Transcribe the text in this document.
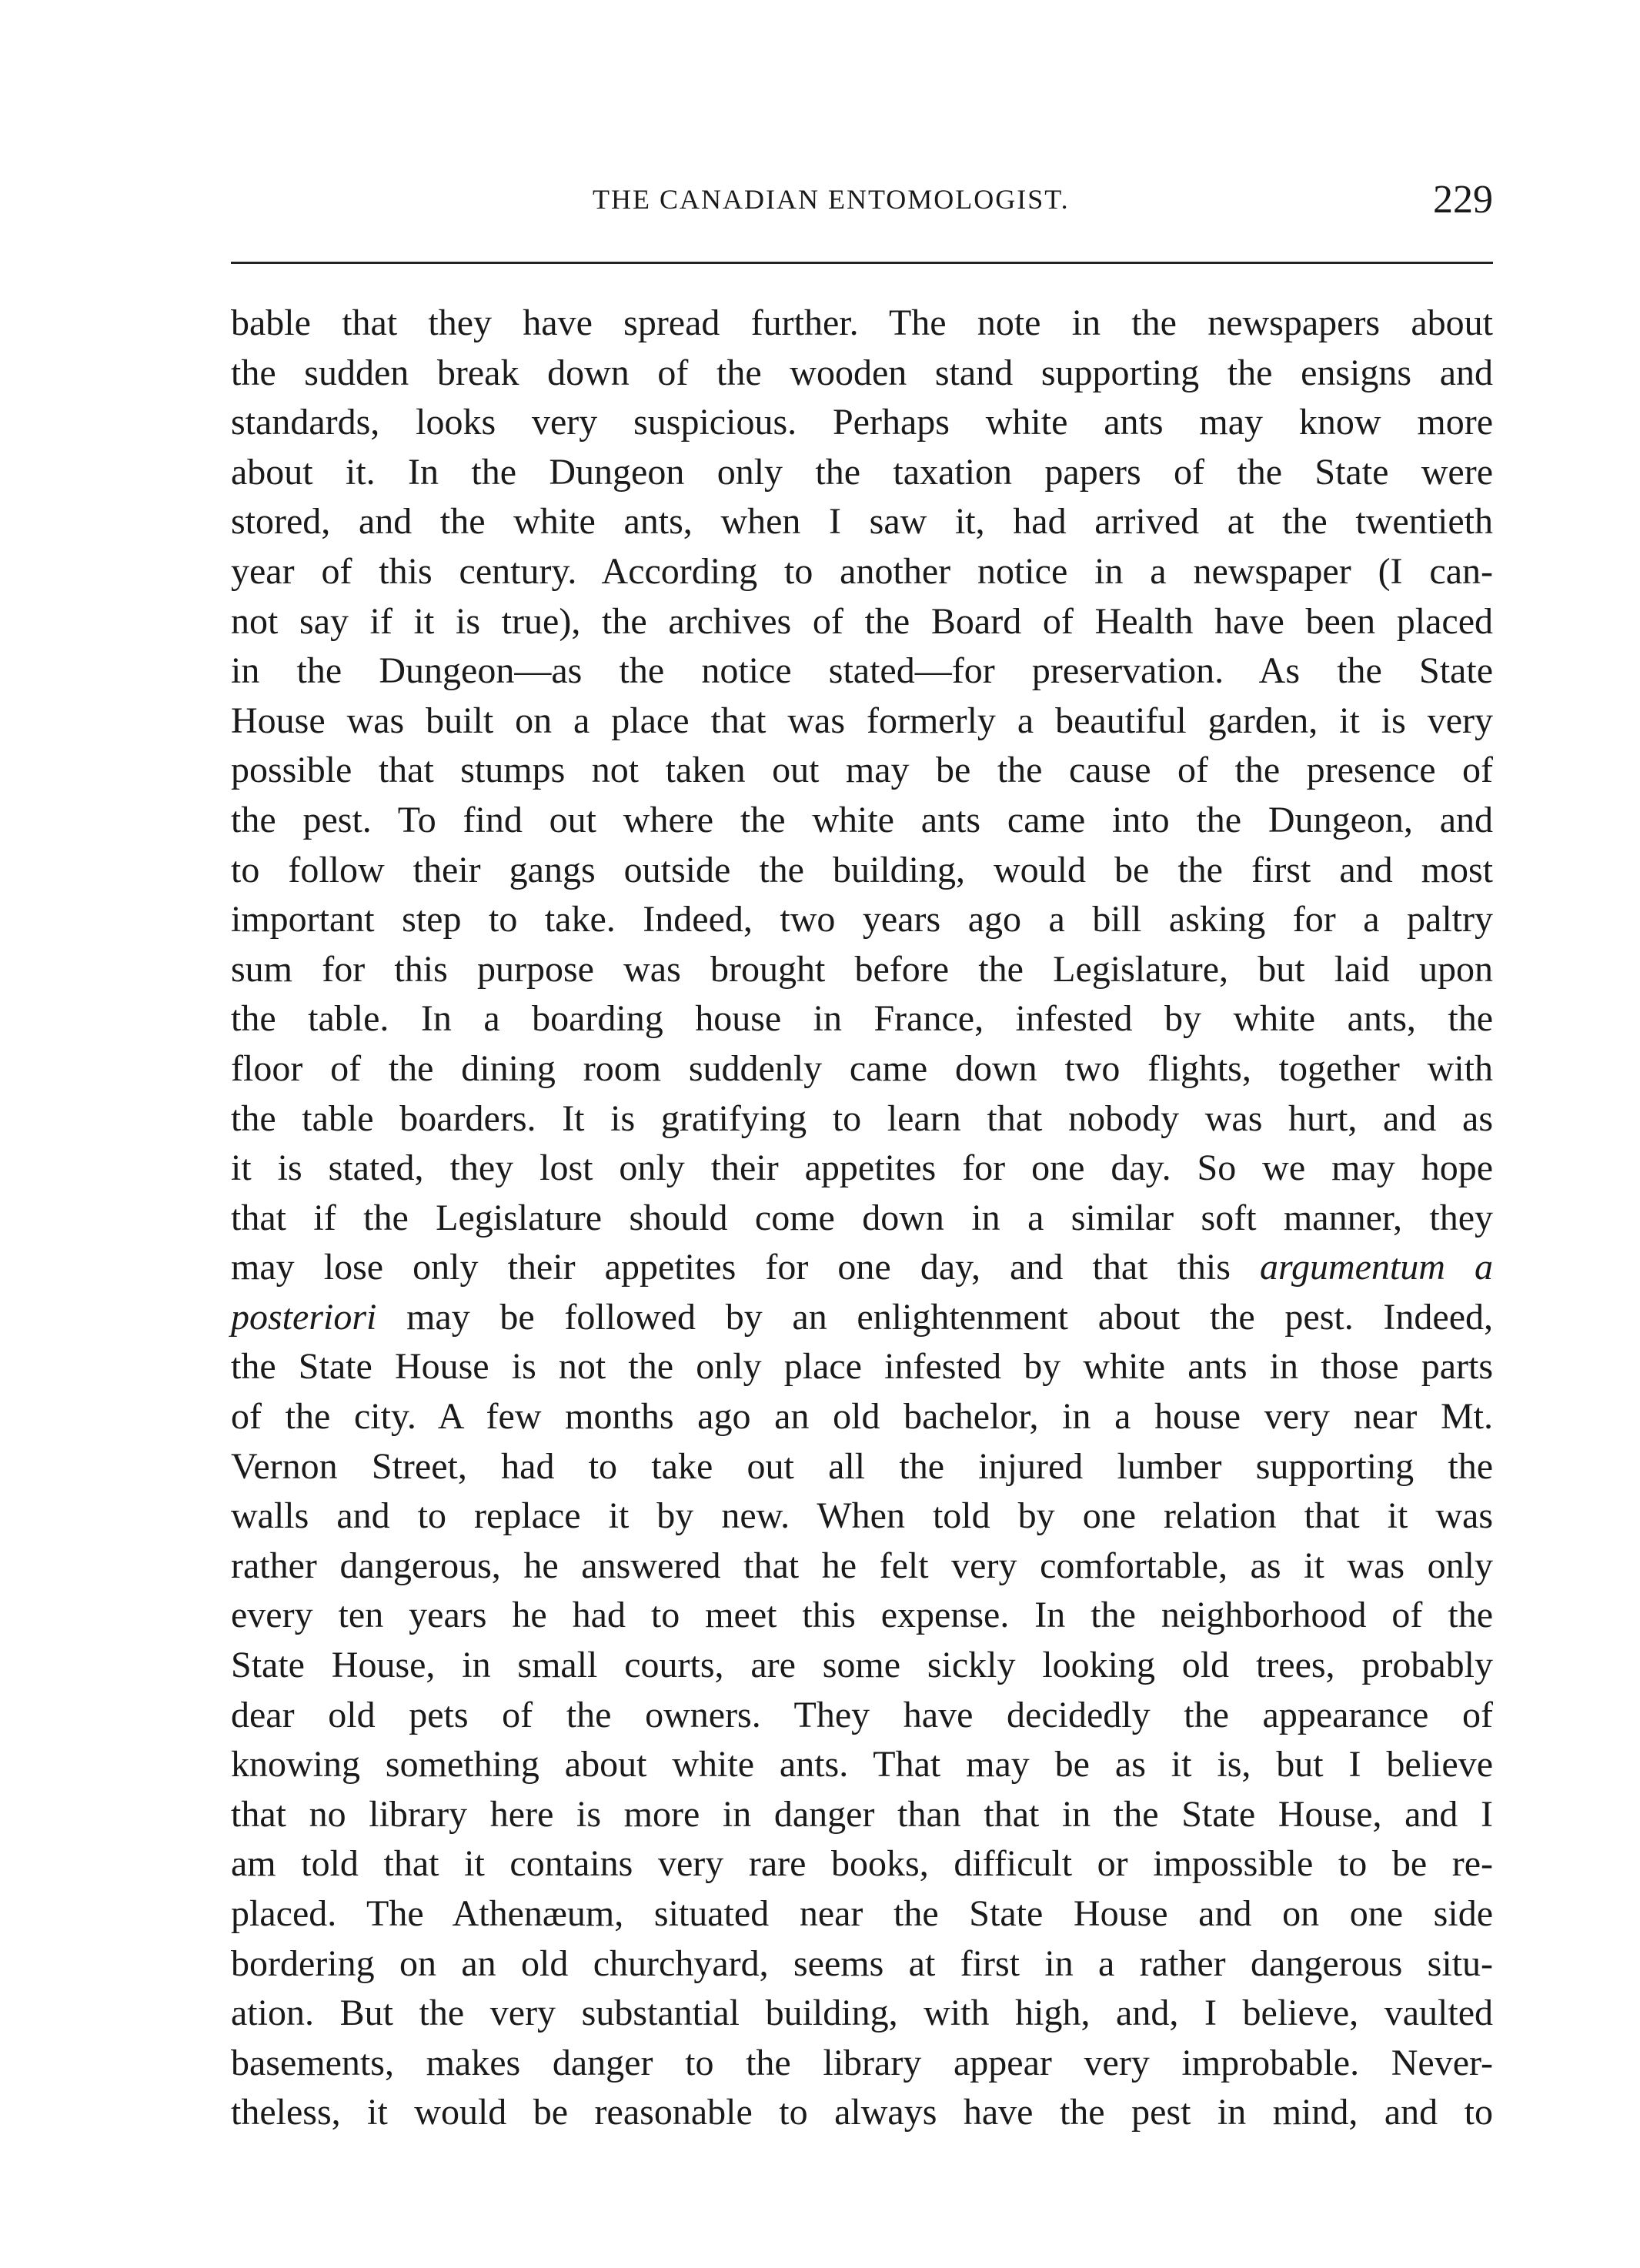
THE CANADIAN ENTOMOLOGIST.	229
bable that they have spread further. The note in the newspapers about
the sudden break down of the wooden stand supporting the ensigns and
standards, looks very suspicious. Perhaps white ants may know more
about it. In the Dungeon only the taxation papers of the State were
stored, and the white ants, when I saw it, had arrived at the twentieth
year of this century. According to another notice in a newspaper (I can-
not say if it is true), the archives of the Board of Health have been placed
in the Dungeon—as the notice stated—for preservation. As the State
House was built on a place that was formerly a beautiful garden, it is very
possible that stumps not taken out may be the cause of the presence of
the pest. To find out where the white ants came into the Dungeon, and
to follow their gangs outside the building, would be the first and most
important step to take. Indeed, two years ago a bill asking for a paltry
sum for this purpose was brought before the Legislature, but laid upon
the table. In a boarding house in France, infested by white ants, the
floor of the dining room suddenly came down two flights, together with
the table boarders. It is gratifying to learn that nobody was hurt, and as
it is stated, they lost only their appetites for one day. So we may hope
that if the Legislature should come down in a similar soft manner, they
may lose only their appetites for one day, and that this argumentum a
posteriori may be followed by an enlightenment about the pest. Indeed,
the State House is not the only place infested by white ants in those parts
of the city. A few months ago an old bachelor, in a house very near Mt.
Vernon Street, had to take out all the injured lumber supporting the
walls and to replace it by new. When told by one relation that it was
rather dangerous, he answered that he felt very comfortable, as it was only
every ten years he had to meet this expense. In the neighborhood of the
State House, in small courts, are some sickly looking old trees, probably
dear old pets of the owners. They have decidedly the appearance of
knowing something about white ants. That may be as it is, but I believe
that no library here is more in danger than that in the State House, and I
am told that it contains very rare books, difficult or impossible to be re-
placed. The Athenæum, situated near the State House and on one side
bordering on an old churchyard, seems at first in a rather dangerous situ-
ation. But the very substantial building, with high, and, I believe, vaulted
basements, makes danger to the library appear very improbable. Never-
theless, it would be reasonable to always have the pest in mind, and to
